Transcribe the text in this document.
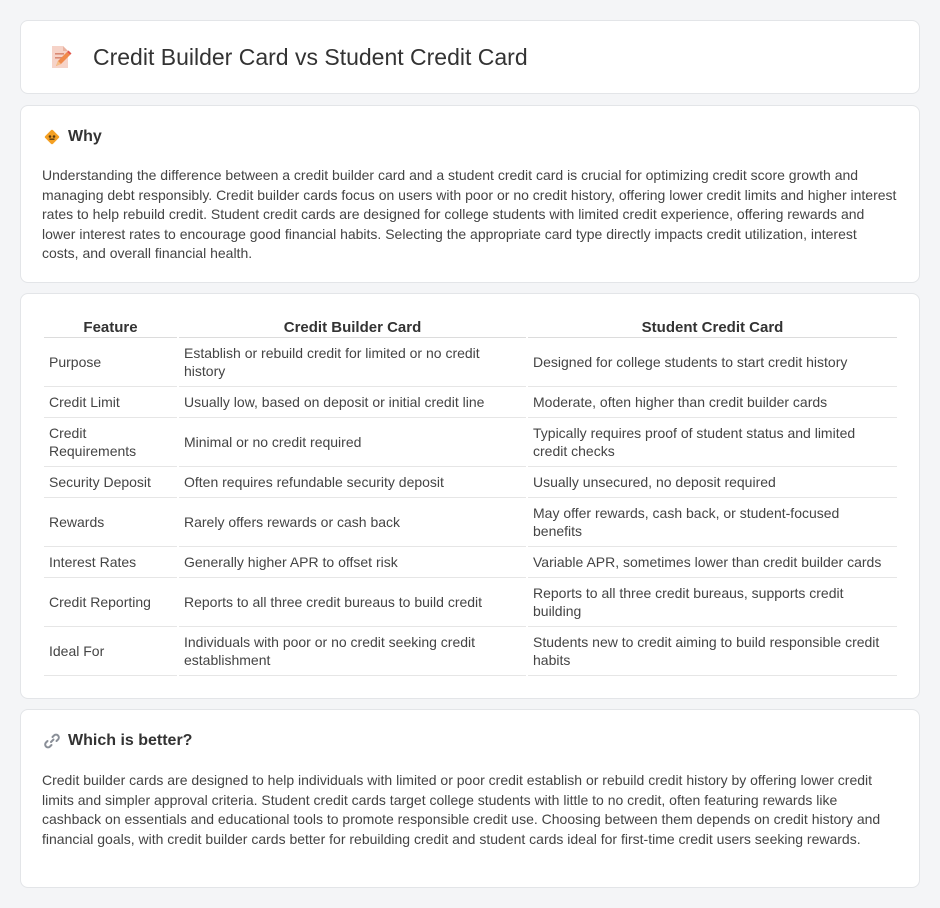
Credit Builder Card vs Student Credit Card
Why

Understanding the difference between a credit builder card and a student credit card is crucial for optimizing credit score growth and managing debt responsibly. Credit builder cards focus on users with poor or no credit history, offering lower credit limits and higher interest rates to help rebuild credit. Student credit cards are designed for college students with limited credit experience, offering rewards and lower interest rates to encourage good financial habits. Selecting the appropriate card type directly impacts credit utilization, interest costs, and overall financial health.

Feature	Credit Builder Card	Student Credit Card
Purpose	Establish or rebuild credit for limited or no credit history	Designed for college students to start credit history
Credit Limit	Usually low, based on deposit or initial credit line	Moderate, often higher than credit builder cards
Credit Requirements	Minimal or no credit required	Typically requires proof of student status and limited credit checks
Security Deposit	Often requires refundable security deposit	Usually unsecured, no deposit required
Rewards	Rarely offers rewards or cash back	May offer rewards, cash back, or student-focused benefits
Interest Rates	Generally higher APR to offset risk	Variable APR, sometimes lower than credit builder cards
Credit Reporting	Reports to all three credit bureaus to build credit	Reports to all three credit bureaus, supports credit building
Ideal For	Individuals with poor or no credit seeking credit establishment	Students new to credit aiming to build responsible credit habits
Which is better?

Credit builder cards are designed to help individuals with limited or poor credit establish or rebuild credit history by offering lower credit limits and simpler approval criteria. Student credit cards target college students with little to no credit, often featuring rewards like cashback on essentials and educational tools to promote responsible credit use. Choosing between them depends on credit history and financial goals, with credit builder cards better for rebuilding credit and student cards ideal for first-time credit users seeking rewards.
